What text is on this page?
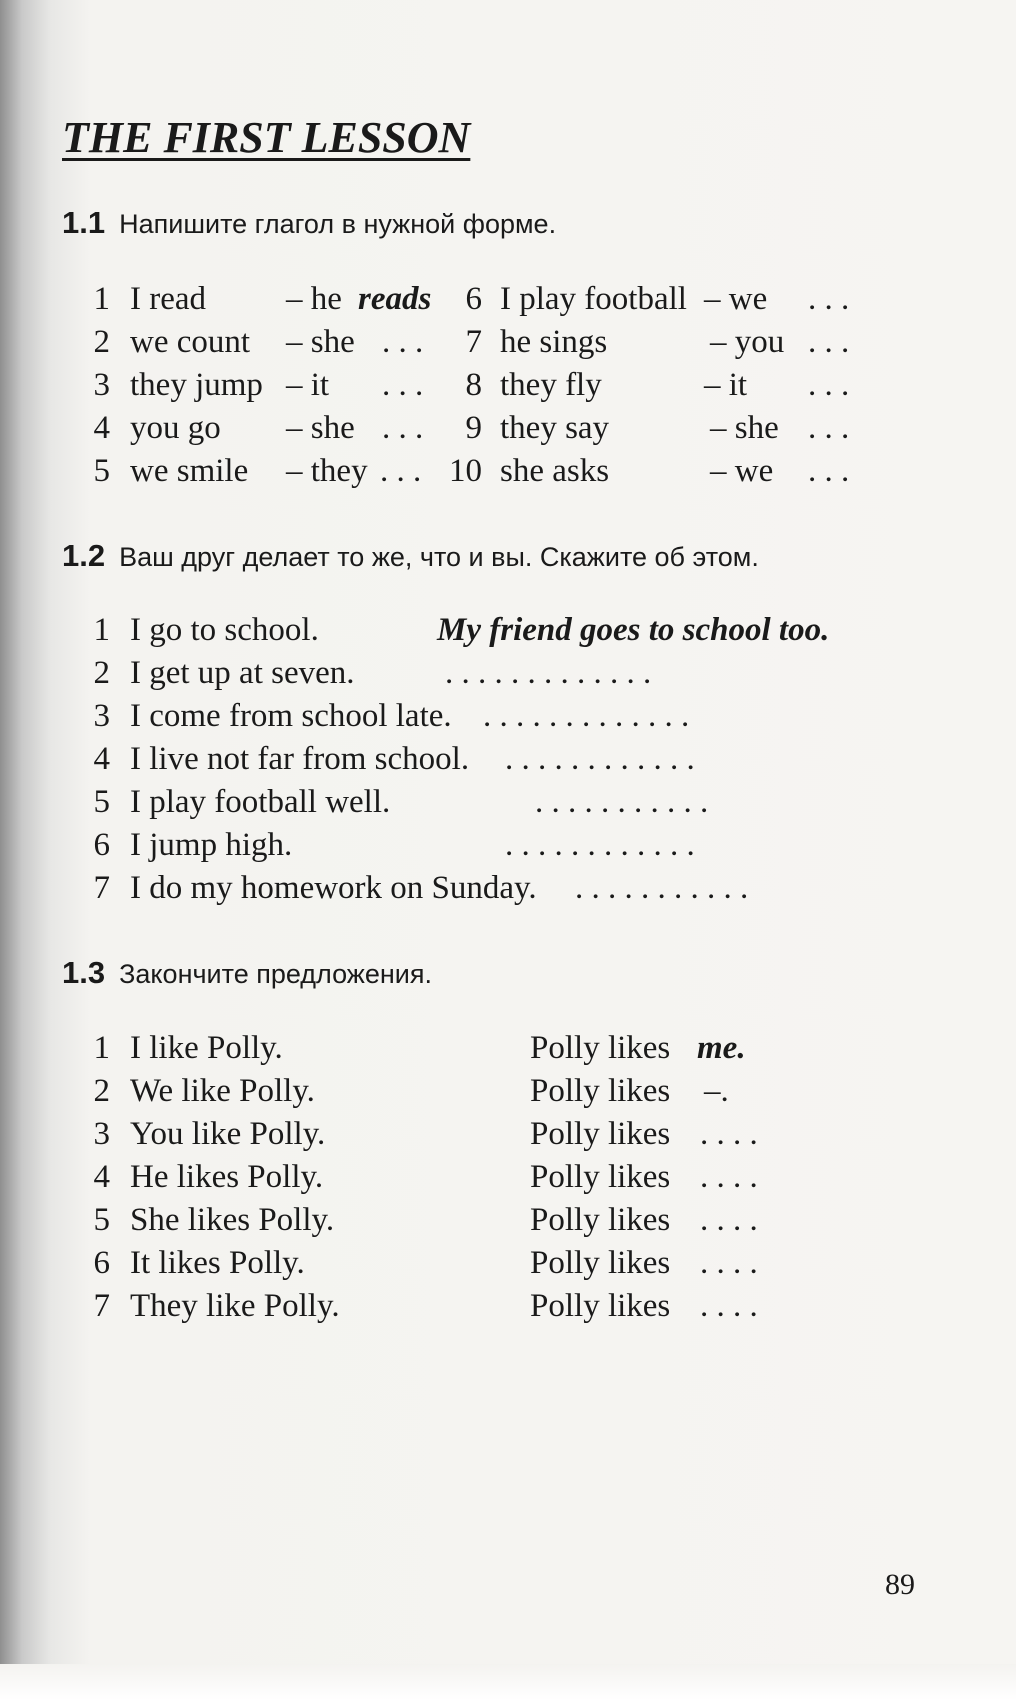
THE FIRST LESSON
1.1 Напишите глагол в нужной форме.
1 I read – he reads
2 we count – she . . .
3 they jump – it . . .
4 you go – she . . .
5 we smile – they . . .
6 I play football – we . . .
7 he sings	– you . . .
8 they fly	– it . . .
9 they say	– she . . .
10 she asks	– we . . .
1.2 Ваш друг делает то же, что и вы. Скажите об этом.
1 I go to school.	My friend goes to school too.
2 I get up at seven.	. . . . . . . . . . . . .
3 I come from school late. . . . . . . . . . . . . .
4 I live not far from school. . . . . . . . . . . . .
5 I play football well.	. . . . . . . . . . .
6 I jump high.	. . . . . . . . . . . .
7 I do my homework on Sunday. . . . . . . . . . . .
1.3 Закончите предложения.
1 I like Polly.	Polly likes me.
2 We like Polly.	Polly likes –.
3 You like Polly.	Polly likes . . . .
4 He likes Polly.	Polly likes . . . .
5 She likes Polly.	Polly likes . . . .
6 It likes Polly.	Polly likes . . . .
7 They like Polly.	Polly likes . . . .
89
